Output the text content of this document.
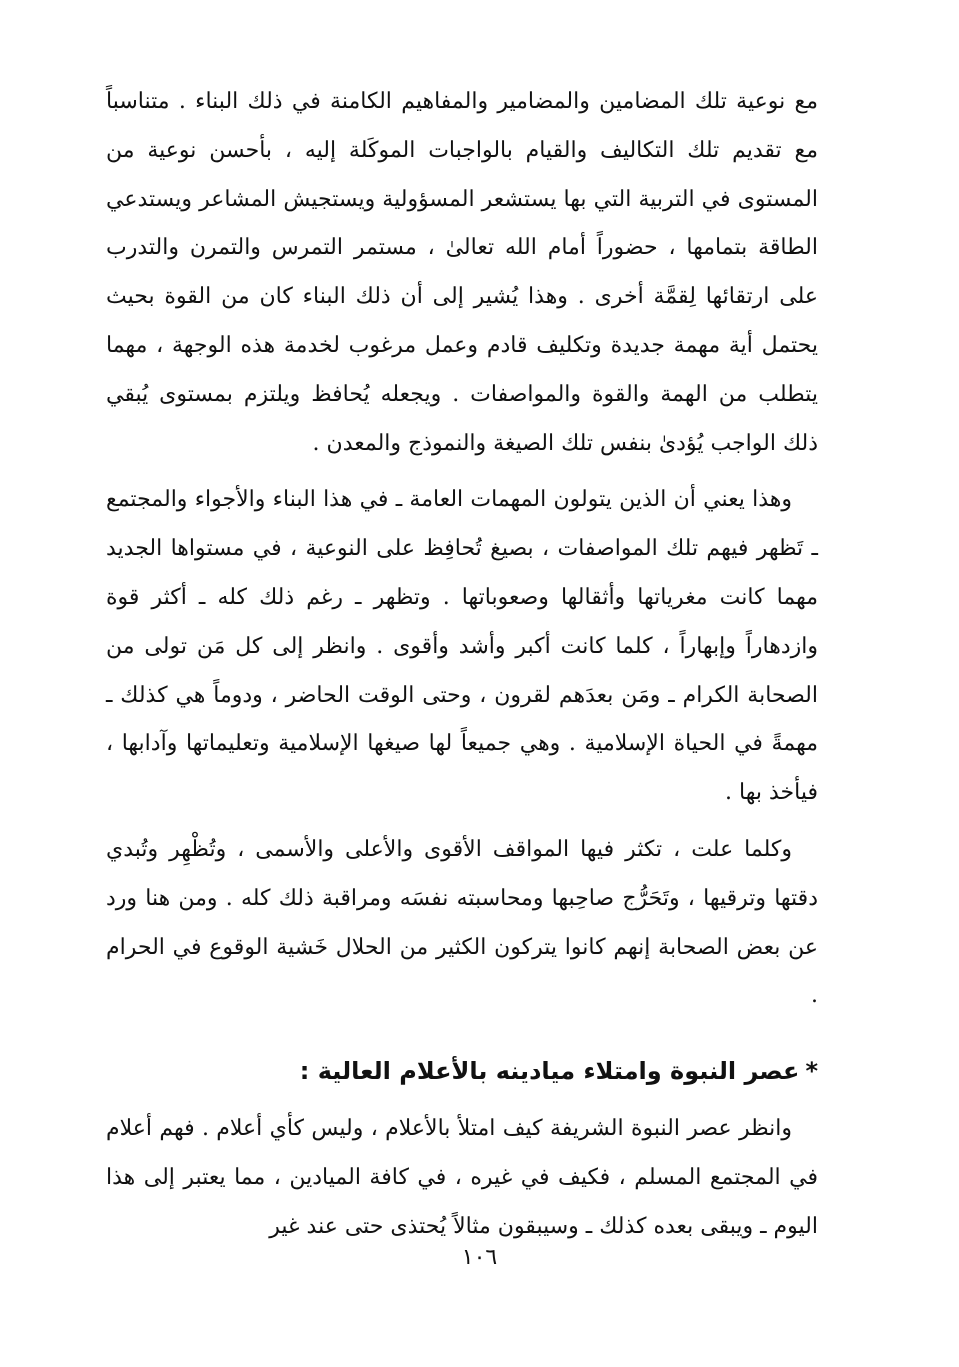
مع نوعية تلك المضامين والمضامير والمفاهيم الكامنة في ذلك البناء . متناسباً مع تقديم تلك التكاليف والقيام بالواجبات الموكَلة إليه ، بأحسن نوعية من المستوى في التربية التي بها يستشعر المسؤولية ويستجيش المشاعر ويستدعي الطاقة بتمامها ، حضوراً أمام الله تعالىٰ ، مستمر التمرس والتمرن والتدرب على ارتقائها لِقمَّة أخرى . وهذا يُشير إلى أن ذلك البناء كان من القوة بحيث يحتمل أية مهمة جديدة وتكليف قادم وعمل مرغوب لخدمة هذه الوجهة ، مهما يتطلب من الهمة والقوة والمواصفات . ويجعله يُحافظ ويلتزم بمستوى يُبقي ذلك الواجب يُؤدىٰ بنفس تلك الصيغة والنموذج والمعدن .

وهذا يعني أن الذين يتولون المهمات العامة ـ في هذا البناء والأجواء والمجتمع ـ تَظهر فيهم تلك المواصفات ، بصيغ تُحافِظ على النوعية ، في مستواها الجديد مهما كانت مغرياتها وأثقالها وصعوباتها . وتظهر ـ رغم ذلك كله ـ أكثر قوة وازدهاراً وإبهاراً ، كلما كانت أكبر وأشد وأقوى . وانظر إلى كل مَن تولى من الصحابة الكرام ـ ومَن بعدَهم لقرون ، وحتى الوقت الحاضر ، ودوماً هي كذلك ـ مهمةً في الحياة الإسلامية . وهي جميعاً لها صيغها الإسلامية وتعليماتها وآدابها ، فيأخذ بها .

وكلما علت ، تكثر فيها المواقف الأقوى والأعلى والأسمى ، وتُظْهِر وتُبدي دقتها وترقيها ، وتَحَرُّج صاحِبها ومحاسبته نفسَه ومراقبة ذلك كله . ومن هنا ورد عن بعض الصحابة إنهم كانوا يتركون الكثير من الحلال خَشية الوقوع في الحرام .

*عصر النبوة وامتلاء ميادينه بالأعلام العالية :

وانظر عصر النبوة الشريفة كيف امتلأ بالأعلام ، وليس كأي أعلام . فهم أعلام في المجتمع المسلم ، فكيف في غيره ، في كافة الميادين ، مما يعتبر إلى هذا اليوم ـ ويبقى بعده كذلك ـ وسيبقون مثالاً يُحتذى حتى عند غير

١٠٦
